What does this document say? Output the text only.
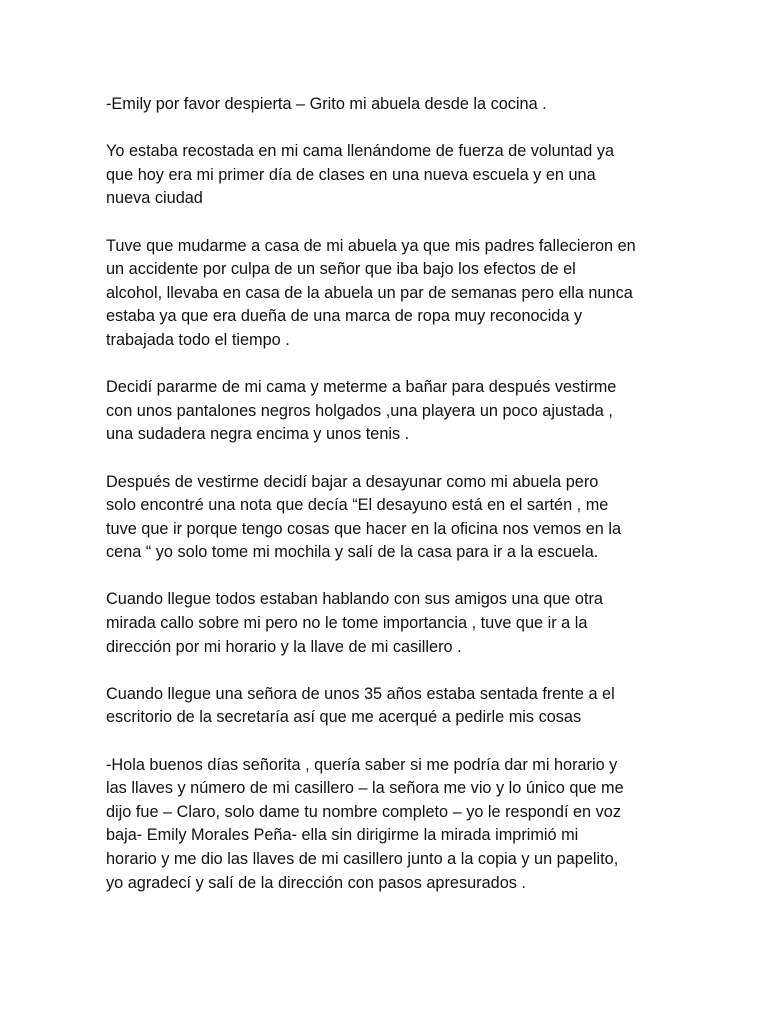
-Emily por favor despierta – Grito mi abuela desde la cocina .

Yo estaba recostada en mi cama llenándome de fuerza de voluntad ya
que hoy era mi primer día de clases en una nueva escuela y en una
nueva ciudad

Tuve que mudarme a casa de mi abuela ya que mis padres fallecieron en
un accidente por culpa de un señor que iba bajo los efectos de el
alcohol, llevaba en casa de la abuela un par de semanas pero ella nunca
estaba ya que era dueña de una marca de ropa muy reconocida y
trabajada todo el tiempo .

Decidí pararme de mi cama y meterme a bañar para después vestirme
con unos pantalones negros holgados ,una playera un poco ajustada ,
una sudadera negra encima y unos tenis .

Después de vestirme decidí bajar a desayunar como mi abuela pero
solo encontré una nota que decía “El desayuno está en el sartén , me
tuve que ir porque tengo cosas que hacer en la oficina nos vemos en la
cena “ yo solo tome mi mochila y salí de la casa para ir a la escuela.

Cuando llegue todos estaban hablando con sus amigos una que otra
mirada callo sobre mi pero no le tome importancia , tuve que ir a la
dirección por mi horario y la llave de mi casillero .

Cuando llegue una señora de unos 35 años estaba sentada frente a el
escritorio de la secretaría así que me acerqué a pedirle mis cosas

-Hola buenos días señorita , quería saber si me podría dar mi horario y
las llaves y número de mi casillero – la señora me vio y lo único que me
dijo fue – Claro, solo dame tu nombre completo – yo le respondí en voz
baja- Emily Morales Peña- ella sin dirigirme la mirada imprimió mi
horario y me dio las llaves de mi casillero junto a la copia y un papelito,
yo agradecí y salí de la dirección con pasos apresurados .
